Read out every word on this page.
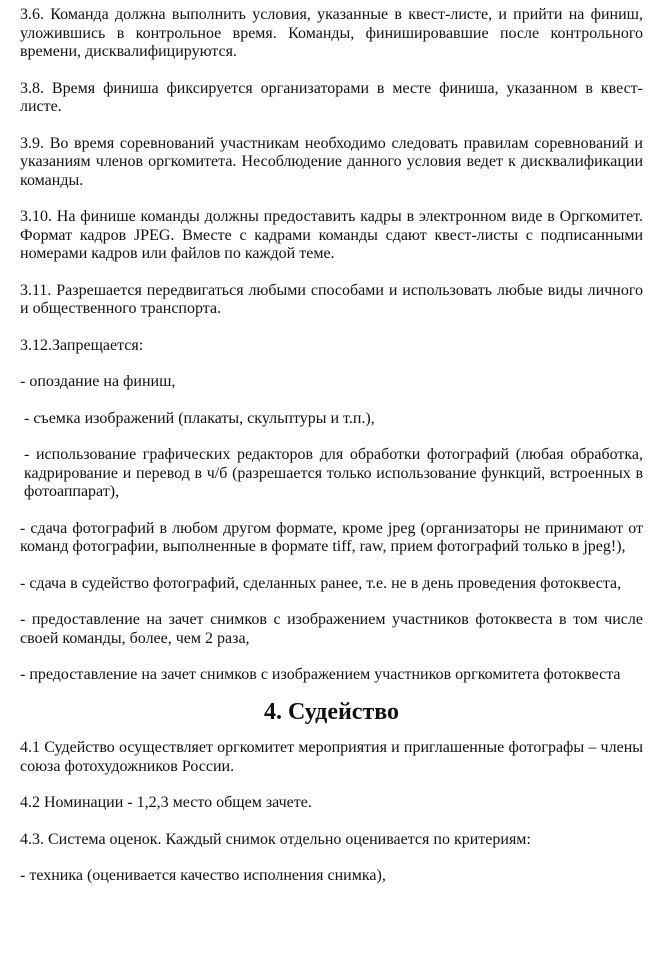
3.6. Команда должна выполнить условия, указанные в квест-листе, и прийти на финиш, уложившись в контрольное время. Команды, финишировавшие после контрольного времени, дисквалифицируются.

3.8. Время финиша фиксируется организаторами в месте финиша, указанном в квест-листе.

3.9. Во время соревнований участникам необходимо следовать правилам соревнований и указаниям членов оргкомитета. Несоблюдение данного условия ведет к дисквалификации команды.

3.10. На финише команды должны предоставить кадры в электронном виде в Оргкомитет. Формат кадров JPEG. Вместе с кадрами команды сдают квест-листы с подписанными номерами кадров или файлов по каждой теме.

3.11. Разрешается передвигаться любыми способами и использовать любые виды личного и общественного транспорта.

3.12.Запрещается:

- опоздание на финиш,

- съемка изображений (плакаты, скульптуры и т.п.),

- использование графических редакторов для обработки фотографий (любая обработка, кадрирование и перевод в ч/б (разрешается только использование функций, встроенных в фотоаппарат),

- сдача фотографий в любом другом формате, кроме jpeg (организаторы не принимают от команд фотографии, выполненные в формате tiff, raw, прием фотографий только в jpeg!),

- сдача в судейство фотографий, сделанных ранее, т.е. не в день проведения фотоквеста,

- предоставление на зачет снимков с изображением участников фотоквеста в том числе своей команды, более, чем 2 раза,

- предоставление на зачет снимков с изображением участников оргкомитета фотоквеста

4. Судейство

4.1 Судейство осуществляет оргкомитет мероприятия и приглашенные фотографы – члены союза фотохудожников России.

4.2 Номинации - 1,2,3 место общем зачете.

4.3. Система оценок. Каждый снимок отдельно оценивается по критериям:

- техника (оценивается качество исполнения снимка),
